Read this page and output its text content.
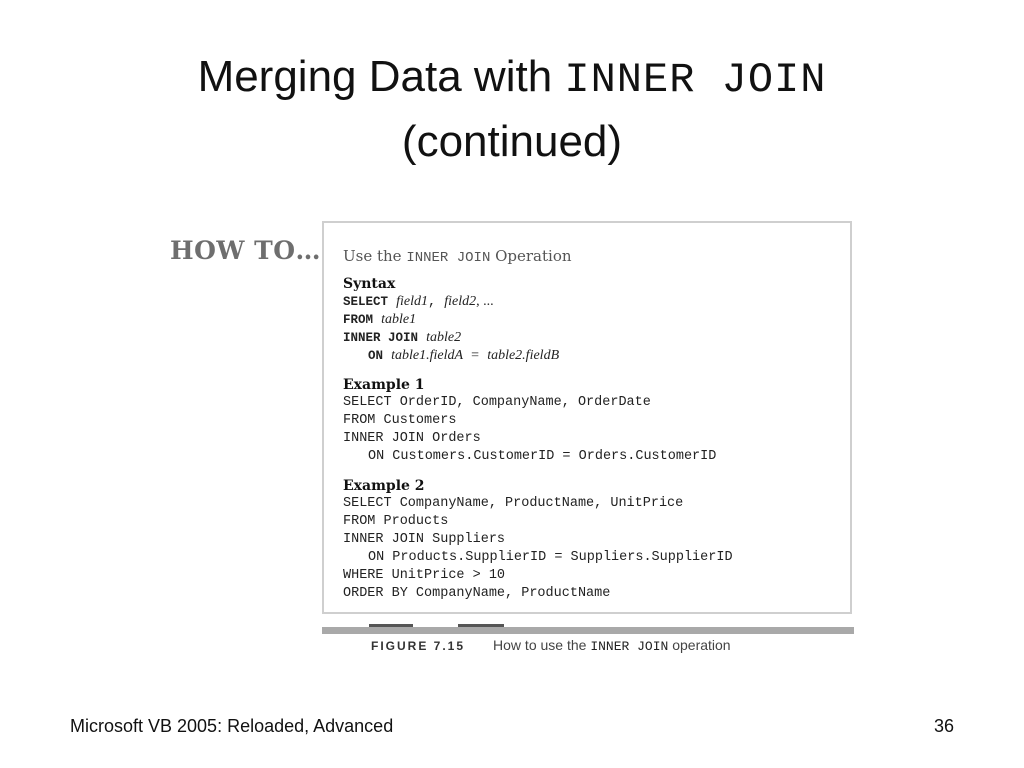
Merging Data with INNER JOIN
(continued)
HOW TO… Use the INNER JOIN Operation
Syntax
SELECT field1, field2, ...
FROM table1
INNER JOIN table2
ON table1.fieldA = table2.fieldB
Example 1
SELECT OrderID, CompanyName, OrderDate
FROM Customers
INNER JOIN Orders
ON Customers.CustomerID = Orders.CustomerID
Example 2
SELECT CompanyName, ProductName, UnitPrice
FROM Products
INNER JOIN Suppliers
ON Products.SupplierID = Suppliers.SupplierID
WHERE UnitPrice > 10
ORDER BY CompanyName, ProductName
FIGURE 7.15 How to use the INNER JOIN operation
Microsoft VB 2005: Reloaded, Advanced	36
